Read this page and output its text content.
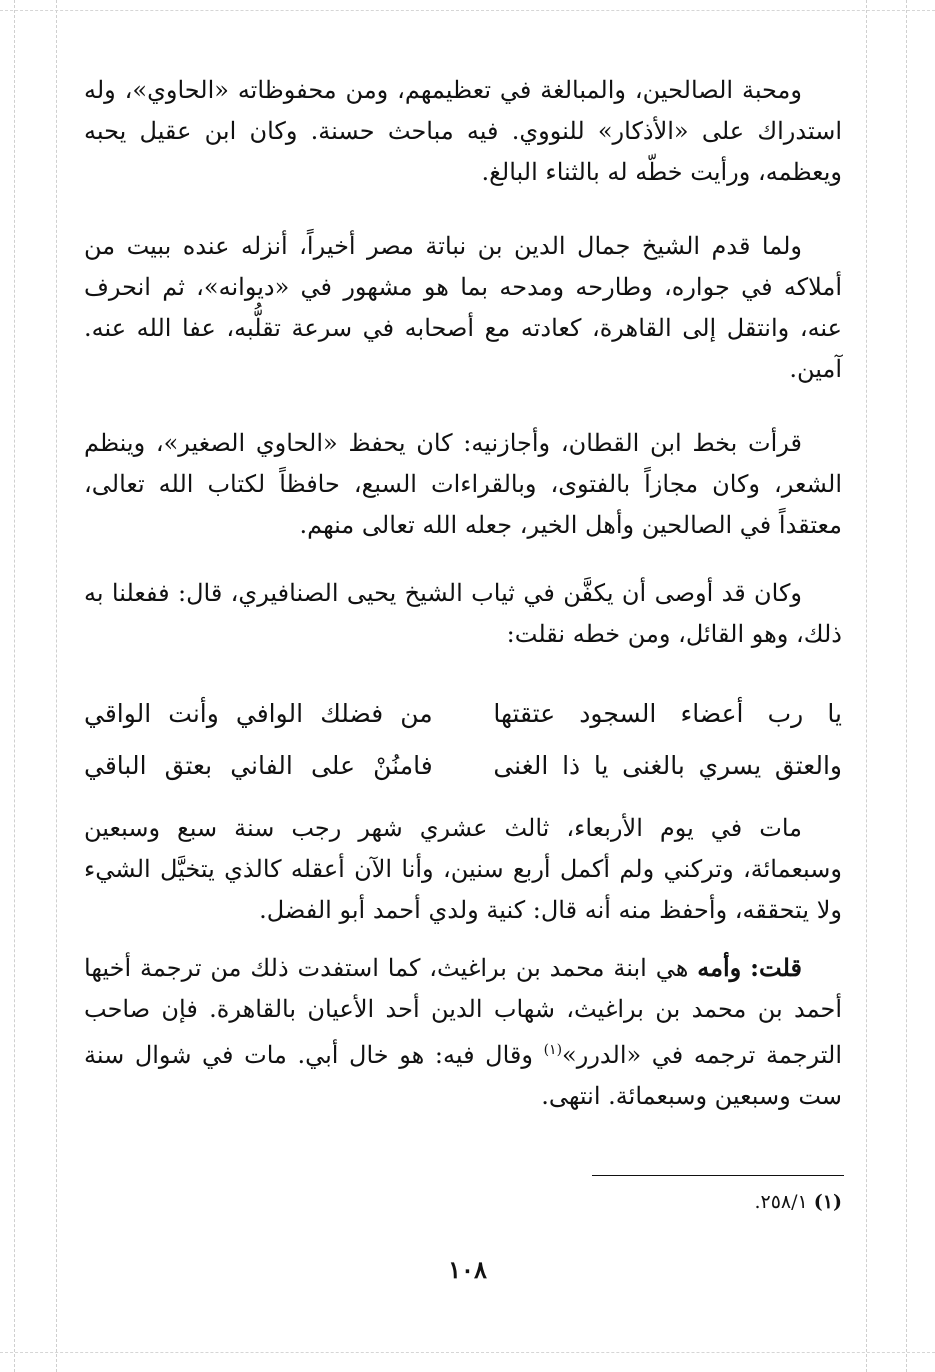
ومحبة الصالحين، والمبالغة في تعظيمهم، ومن محفوظاته «الحاوي»، وله استدراك على «الأذكار» للنووي. فيه مباحث حسنة. وكان ابن عقيل يحبه ويعظمه، ورأيت خطّه له بالثناء البالغ.

ولما قدم الشيخ جمال الدين بن نباتة مصر أخيراً، أنزله عنده ببيت من أملاكه في جواره، وطارحه ومدحه بما هو مشهور في «ديوانه»، ثم انحرف عنه، وانتقل إلى القاهرة، كعادته مع أصحابه في سرعة تقلُّبه، عفا الله عنه. آمين.

قرأت بخط ابن القطان، وأجازنيه: كان يحفظ «الحاوي الصغير»، وينظم الشعر، وكان مجازاً بالفتوى، وبالقراءات السبع، حافظاً لكتاب الله تعالى، معتقداً في الصالحين وأهل الخير، جعله الله تعالى منهم.

وكان قد أوصى أن يكفَّن في ثياب الشيخ يحيى الصنافيري، قال: ففعلنا به ذلك، وهو القائل، ومن خطه نقلت:

يا رب أعضاء السجود عتقتها
من فضلك الوافي وأنت الواقي
والعتق يسري بالغنى يا ذا الغنى
فامنُنْ على الفاني بعتق الباقي

مات في يوم الأربعاء، ثالث عشري شهر رجب سنة سبع وسبعين وسبعمائة، وتركني ولم أكمل أربع سنين، وأنا الآن أعقله كالذي يتخيَّل الشيء ولا يتحققه، وأحفظ منه أنه قال: كنية ولدي أحمد أبو الفضل.

قلت: وأمه هي ابنة محمد بن براغيث، كما استفدت ذلك من ترجمة أخيها أحمد بن محمد بن براغيث، شهاب الدين أحد الأعيان بالقاهرة. فإن صاحب الترجمة ترجمه في «الدرر»$^{(١)}$ وقال فيه: هو خال أبي. مات في شوال سنة ست وسبعين وسبعمائة. انتهى.

(١) ٢٥٨/١.
١٠٨
